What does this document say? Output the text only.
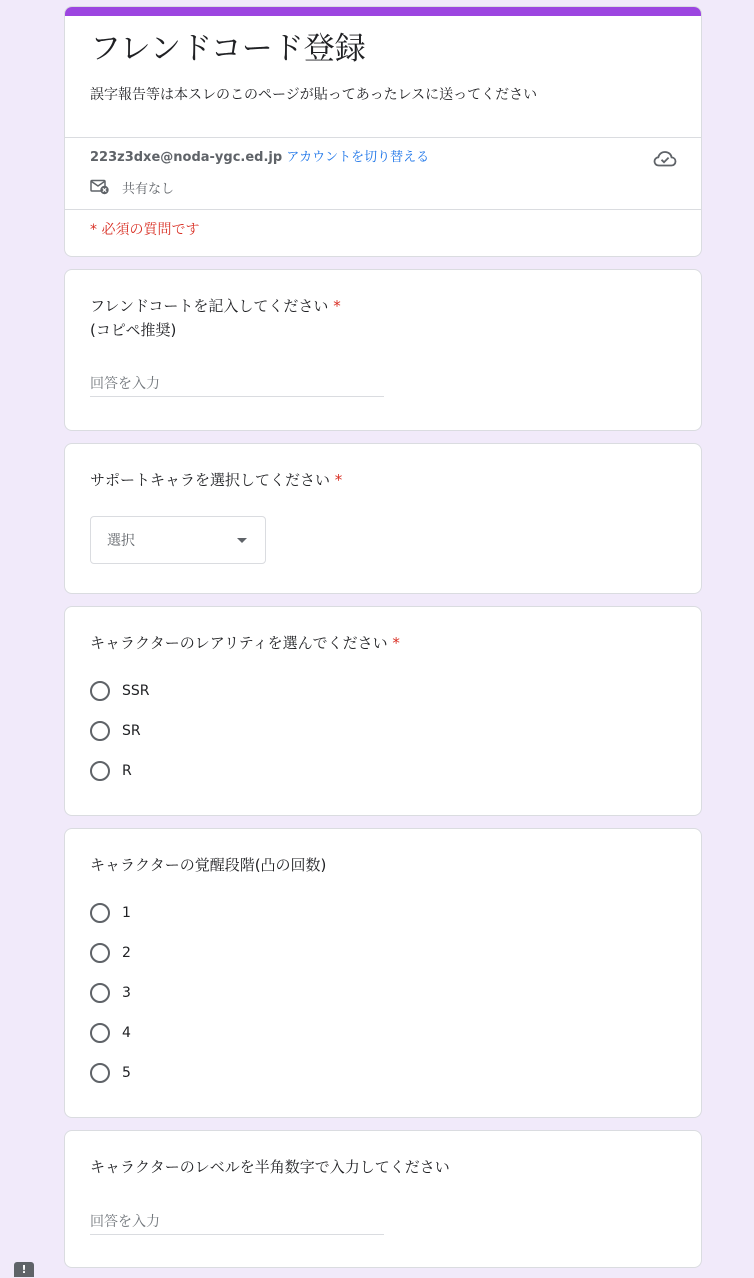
フレンドコード登録
誤字報告等は本スレのこのページが貼ってあったレスに送ってください
223z3dxe@noda-ygc.ed.jp アカウントを切り替える
共有なし
* 必須の質問です
フレンドコートを記入してください *
(コピペ推奨)
回答を入力
サポートキャラを選択してください *
選択
キャラクターのレアリティを選んでください *
SSR
SR
R
キャラクターの覚醒段階(凸の回数)
1
2
3
4
5
キャラクターのレベルを半角数字で入力してください
回答を入力
!
